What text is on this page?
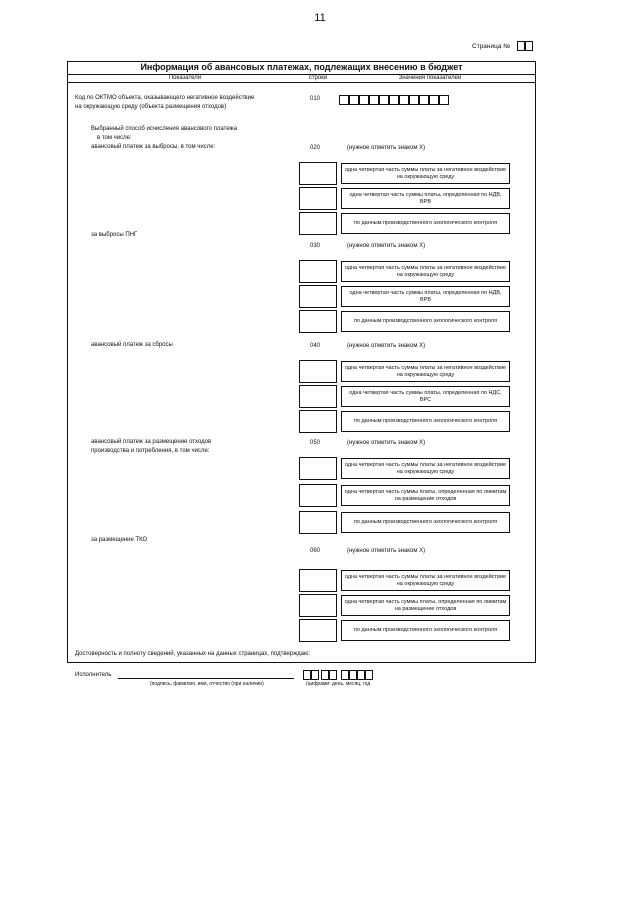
11
Страница №
Информация об авансовых платежах, подлежащих внесению в бюджет
Показатели	строки	Значения показателей
Код по ОКТМО объекта, оказывающего негативное воздействие
на окружающую среду (объекта размещения отходов)
010
Выбранный способ исчисления авансового платежа
в том числе:
авансовый платеж за выбросы, в том числе:	020	(нужное отметить знаком Х)
одна четвертая часть суммы платы за негативное воздействие на окружающую среду
одна четвертая часть суммы платы, определенная по НДВ, ВРВ
по данным производственного экологического контроля
за выбросы ПНГ
030	(нужное отметить знаком Х)
одна четвертая часть суммы платы за негативное воздействие на окружающую среду
одна четвертая часть суммы платы, определенная по НДВ, ВРВ
по данным производственного экологического контроля
авансовый платеж за сбросы	040	(нужное отметить знаком Х)
одна четвертая часть суммы платы за негативное воздействие на окружающую среду
одна четвертая часть суммы платы, определенная по НДС, ВРС
по данным производственного экологического контроля
авансовый платеж за размещение отходов
производства и потребления, в том числе:
050	(нужное отметить знаком Х)
одна четвертая часть суммы платы за негативное воздействие на окружающую среду
одна четвертая часть суммы платы, определенная по лимитам на размещение отходов
по данным производственного экологического контроля
за размещение ТКО
060	(нужное отметить знаком Х)
одна четвертая часть суммы платы за негативное воздействие на окружающую среду
одна четвертая часть суммы платы, определенная по лимитам на размещение отходов
по данным производственного экологического контроля
Достоверность и полноту сведений, указанных на данных страницах, подтверждаю:
Исполнитель
(подпись, фамилия, имя, отчество (при наличии)	(цифрами: день, месяц, год
